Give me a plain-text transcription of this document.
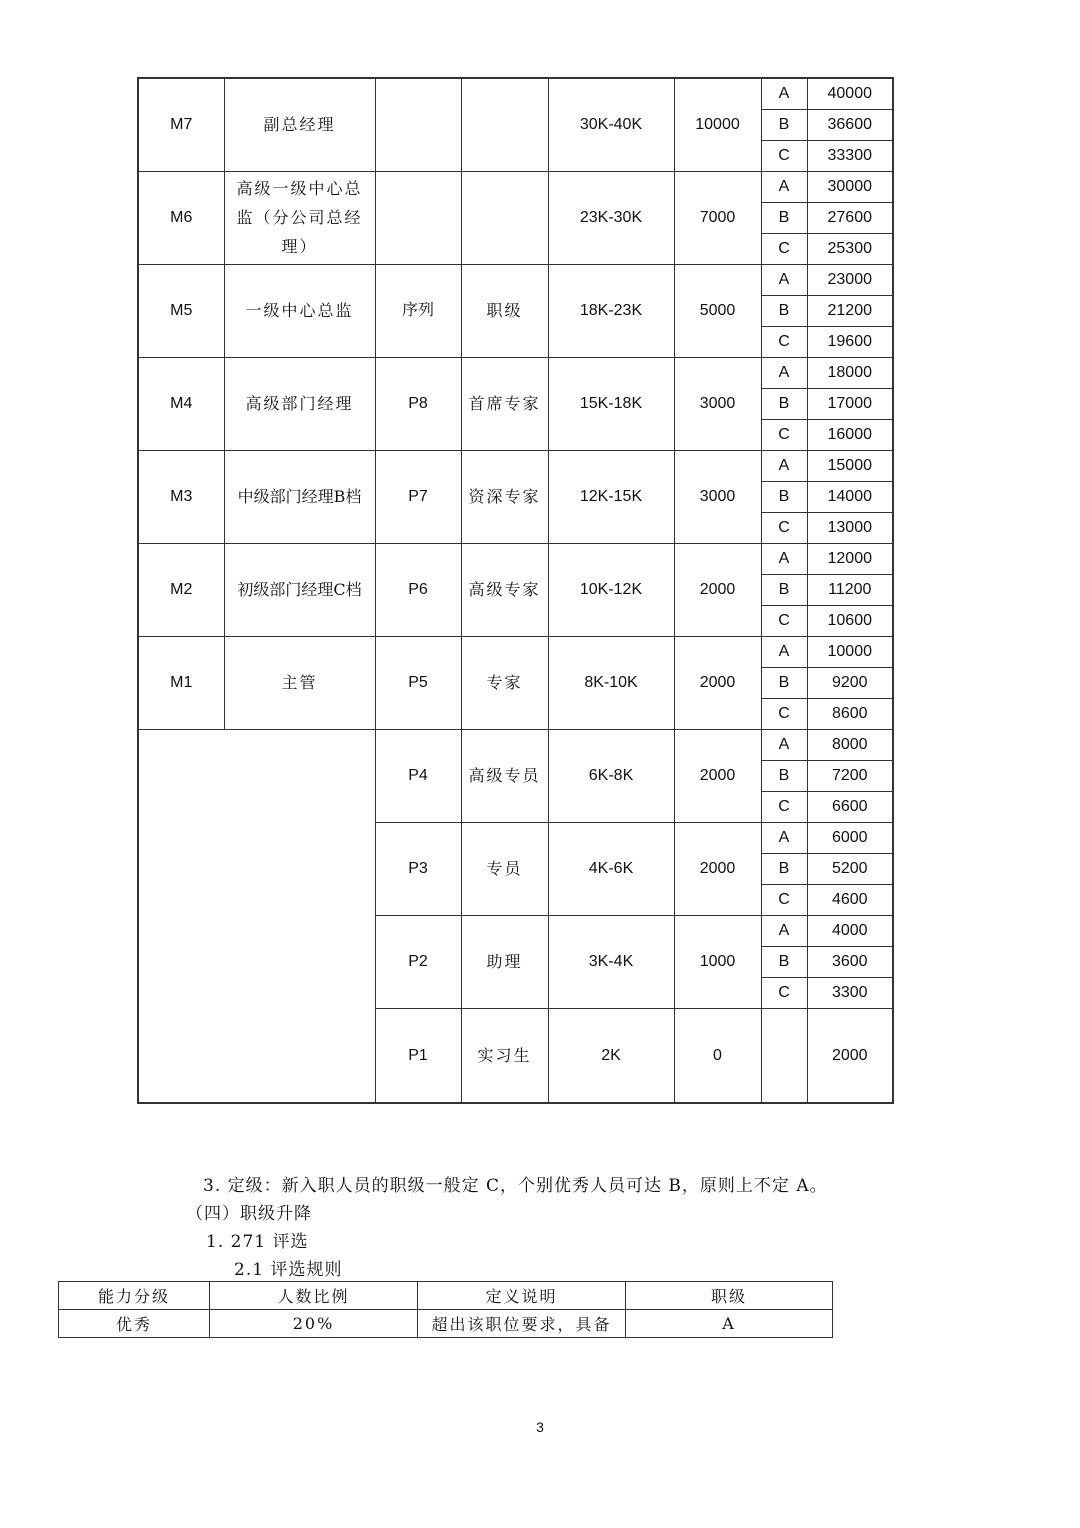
M7	副总经理			30K-40K	10000	A	40000
						B	36600
						C	33300
M6	高级一级中心总监（分公司总经理）			23K-30K	7000	A	30000
						B	27600
						C	25300
M5	一级中心总监	序列	职级	18K-23K	5000	A	23000
						B	21200
						C	19600
M4	高级部门经理	P8	首席专家	15K-18K	3000	A	18000
						B	17000
						C	16000
M3	中级部门经理B档	P7	资深专家	12K-15K	3000	A	15000
						B	14000
						C	13000
M2	初级部门经理C档	P6	高级专家	10K-12K	2000	A	12000
						B	11200
						C	10600
M1	主管	P5	专家	8K-10K	2000	A	10000
						B	9200
						C	8600
		P4	高级专员	6K-8K	2000	A	8000
						B	7200
						C	6600
		P3	专员	4K-6K	2000	A	6000
						B	5200
						C	4600
		P2	助理	3K-4K	1000	A	4000
						B	3600
						C	3300
		P1	实习生	2K	0		2000
3. 定级：新入职人员的职级一般定 C，个别优秀人员可达 B，原则上不定 A。
（四）职级升降
1. 271 评选
2.1 评选规则
能力分级	人数比例	定义说明	职级
优秀	20%	超出该职位要求，具备	A
3
